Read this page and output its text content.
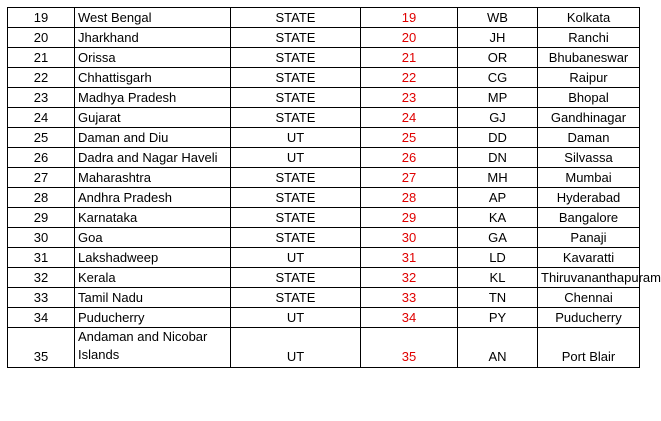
19	West Bengal	STATE	19	WB	Kolkata
20	Jharkhand	STATE	20	JH	Ranchi
21	Orissa	STATE	21	OR	Bhubaneswar
22	Chhattisgarh	STATE	22	CG	Raipur
23	Madhya Pradesh	STATE	23	MP	Bhopal
24	Gujarat	STATE	24	GJ	Gandhinagar
25	Daman and Diu	UT	25	DD	Daman
26	Dadra and Nagar Haveli	UT	26	DN	Silvassa
27	Maharashtra	STATE	27	MH	Mumbai
28	Andhra Pradesh	STATE	28	AP	Hyderabad
29	Karnataka	STATE	29	KA	Bangalore
30	Goa	STATE	30	GA	Panaji
31	Lakshadweep	UT	31	LD	Kavaratti
32	Kerala	STATE	32	KL	Thiruvananthapuram
33	Tamil Nadu	STATE	33	TN	Chennai
34	Puducherry	UT	34	PY	Puducherry
35	Andaman and Nicobar Islands	UT	35	AN	Port Blair
